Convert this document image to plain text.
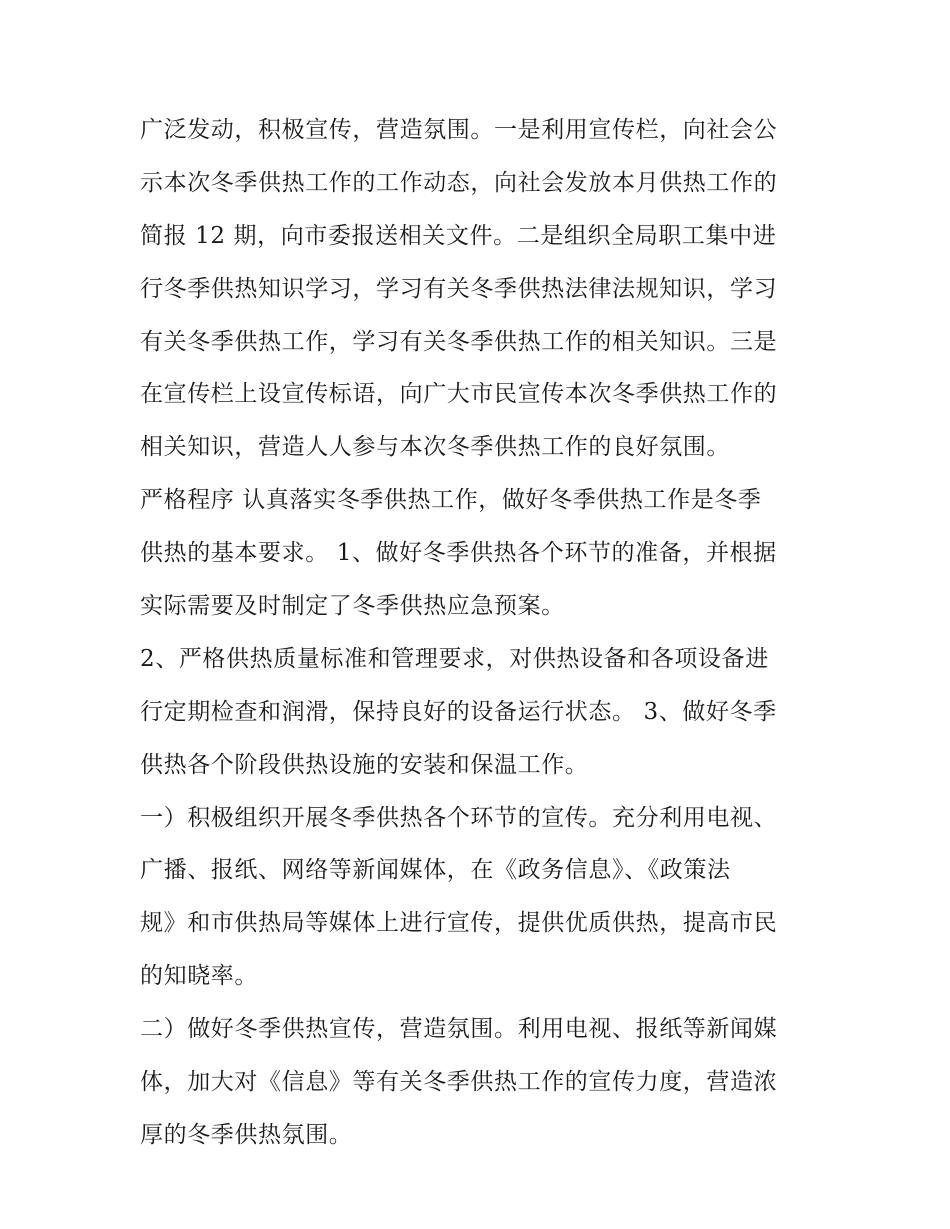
广泛发动，积极宣传，营造氛围。一是利用宣传栏，向社会公
示本次冬季供热工作的工作动态，向社会发放本月供热工作的
简报 12 期，向市委报送相关文件。二是组织全局职工集中进
行冬季供热知识学习，学习有关冬季供热法律法规知识，学习
有关冬季供热工作，学习有关冬季供热工作的相关知识。三是
在宣传栏上设宣传标语，向广大市民宣传本次冬季供热工作的
相关知识，营造人人参与本次冬季供热工作的良好氛围。
严格程序 认真落实冬季供热工作，做好冬季供热工作是冬季
供热的基本要求。 1、做好冬季供热各个环节的准备，并根据
实际需要及时制定了冬季供热应急预案。
2、严格供热质量标准和管理要求，对供热设备和各项设备进
行定期检查和润滑，保持良好的设备运行状态。 3、做好冬季
供热各个阶段供热设施的安装和保温工作。
一）积极组织开展冬季供热各个环节的宣传。充分利用电视、
广播、报纸、网络等新闻媒体，在《政务信息》、《政策法
规》和市供热局等媒体上进行宣传，提供优质供热，提高市民
的知晓率。
二）做好冬季供热宣传，营造氛围。利用电视、报纸等新闻媒
体，加大对《信息》等有关冬季供热工作的宣传力度，营造浓
厚的冬季供热氛围。
